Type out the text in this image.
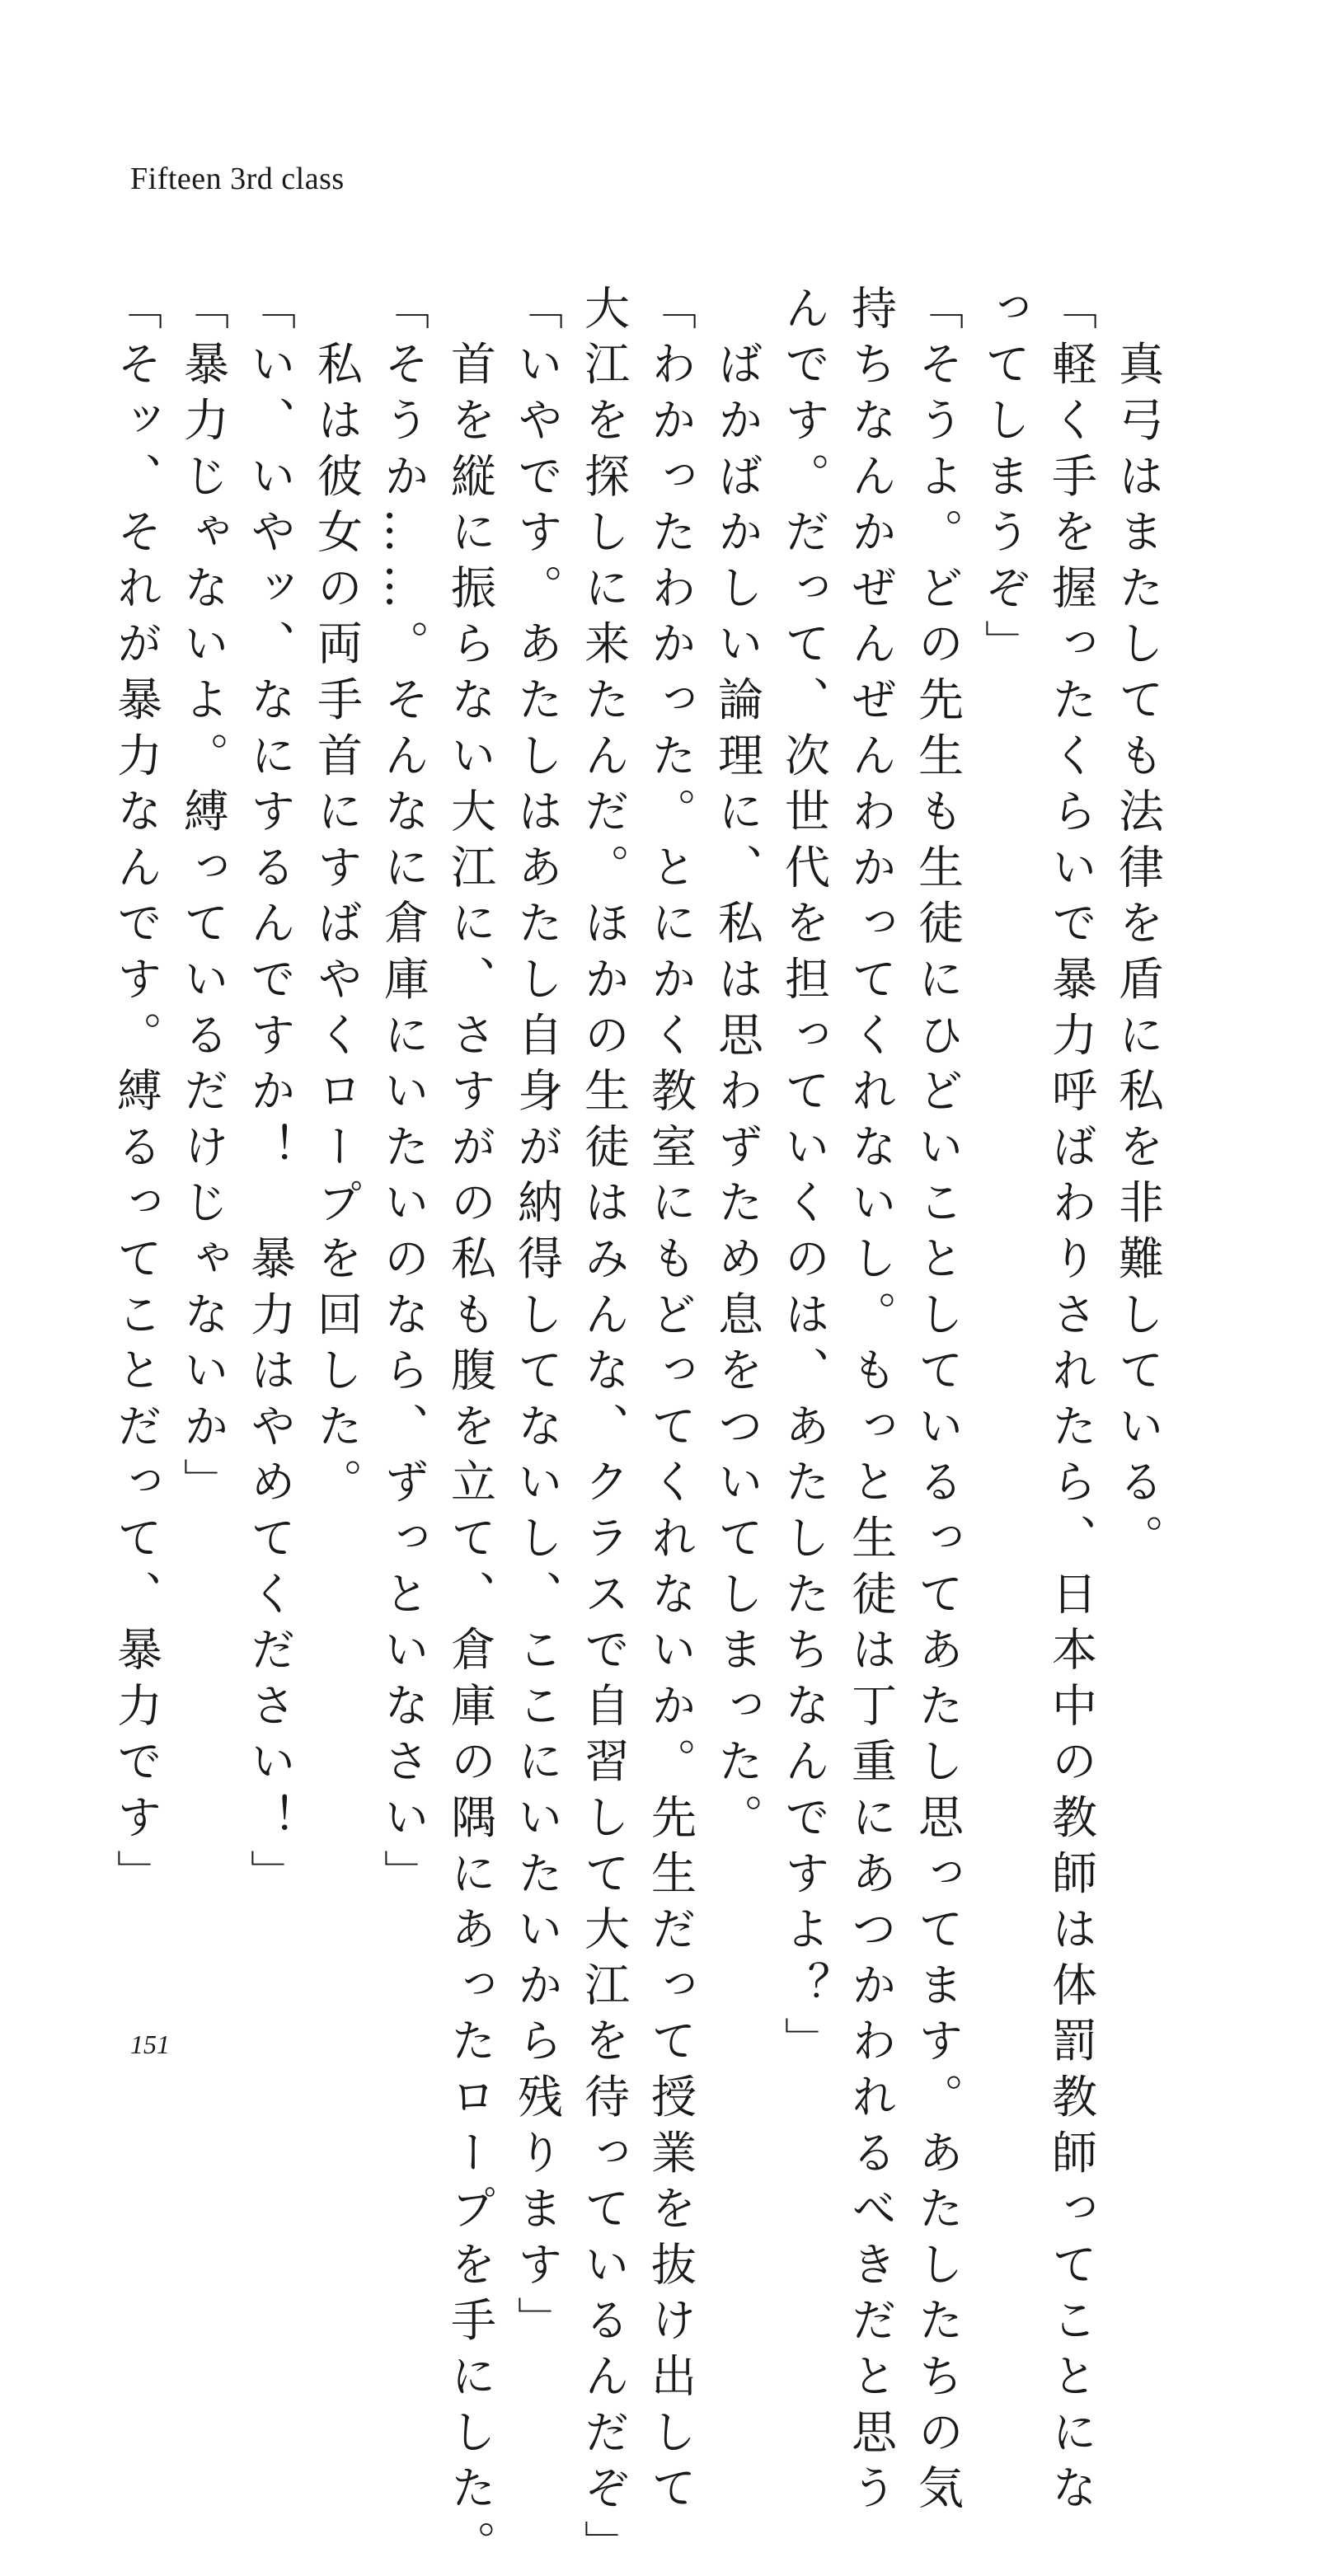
Fifteen 3rd class
　真弓はまたしても法律を盾に私を非難している。
「軽く手を握ったくらいで暴力呼ばわりされたら、日本中の教師は体罰教師ってことにな
ってしまうぞ」
「そうよ。どの先生も生徒にひどいことしているってあたし思ってます。あたしたちの気
持ちなんかぜんぜんわかってくれないし。もっと生徒は丁重にあつかわれるべきだと思う
んです。だって、次世代を担っていくのは、あたしたちなんですよ？」
　ばかばかしい論理に、私は思わずため息をついてしまった。
「わかったわかった。とにかく教室にもどってくれないか。先生だって授業を抜け出して
大江を探しに来たんだ。ほかの生徒はみんな、クラスで自習して大江を待っているんだぞ」
「いやです。あたしはあたし自身が納得してないし、ここにいたいから残ります」
　首を縦に振らない大江に、さすがの私も腹を立て、倉庫の隅にあったロープを手にした。
「そうか……。そんなに倉庫にいたいのなら、ずっといなさい」
　私は彼女の両手首にすばやくロープを回した。
「い、いやッ、なにするんですか！　暴力はやめてください！」
「暴力じゃないよ。縛っているだけじゃないか」
「そッ、それが暴力なんです。縛るってことだって、暴力です」
151
